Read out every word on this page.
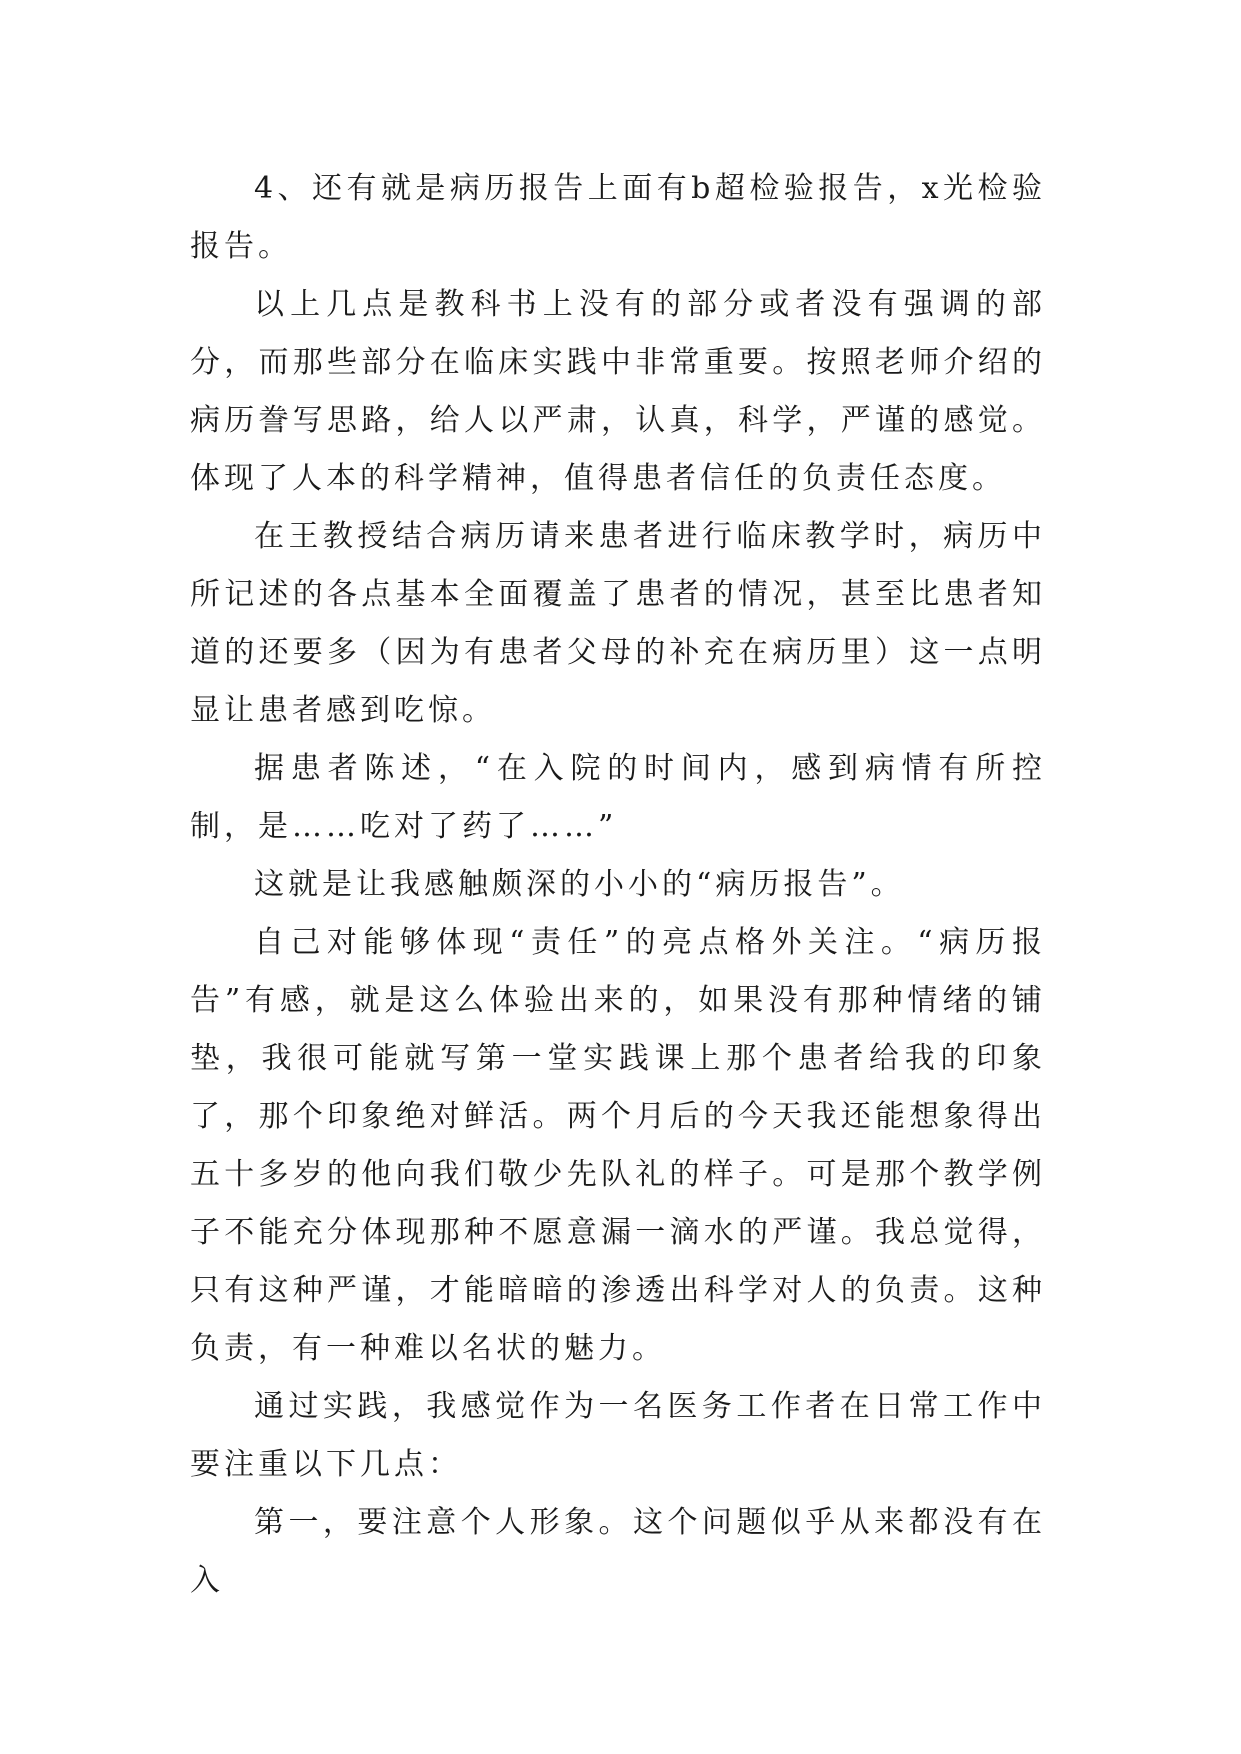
4、还有就是病历报告上面有b超检验报告，x光检验报告。

以上几点是教科书上没有的部分或者没有强调的部分，而那些部分在临床实践中非常重要。按照老师介绍的病历誊写思路，给人以严肃，认真，科学，严谨的感觉。体现了人本的科学精神，值得患者信任的负责任态度。

在王教授结合病历请来患者进行临床教学时，病历中所记述的各点基本全面覆盖了患者的情况，甚至比患者知道的还要多（因为有患者父母的补充在病历里）这一点明显让患者感到吃惊。

据患者陈述，“在入院的时间内，感到病情有所控制，是……吃对了药了……”

这就是让我感触颇深的小小的“病历报告”。

自己对能够体现“责任”的亮点格外关注。“病历报告”有感，就是这么体验出来的，如果没有那种情绪的铺垫，我很可能就写第一堂实践课上那个患者给我的印象了，那个印象绝对鲜活。两个月后的今天我还能想象得出五十多岁的他向我们敬少先队礼的样子。可是那个教学例子不能充分体现那种不愿意漏一滴水的严谨。我总觉得，只有这种严谨，才能暗暗的渗透出科学对人的负责。这种负责，有一种难以名状的魅力。

通过实践，我感觉作为一名医务工作者在日常工作中要注重以下几点：

第一，要注意个人形象。这个问题似乎从来都没有在入
